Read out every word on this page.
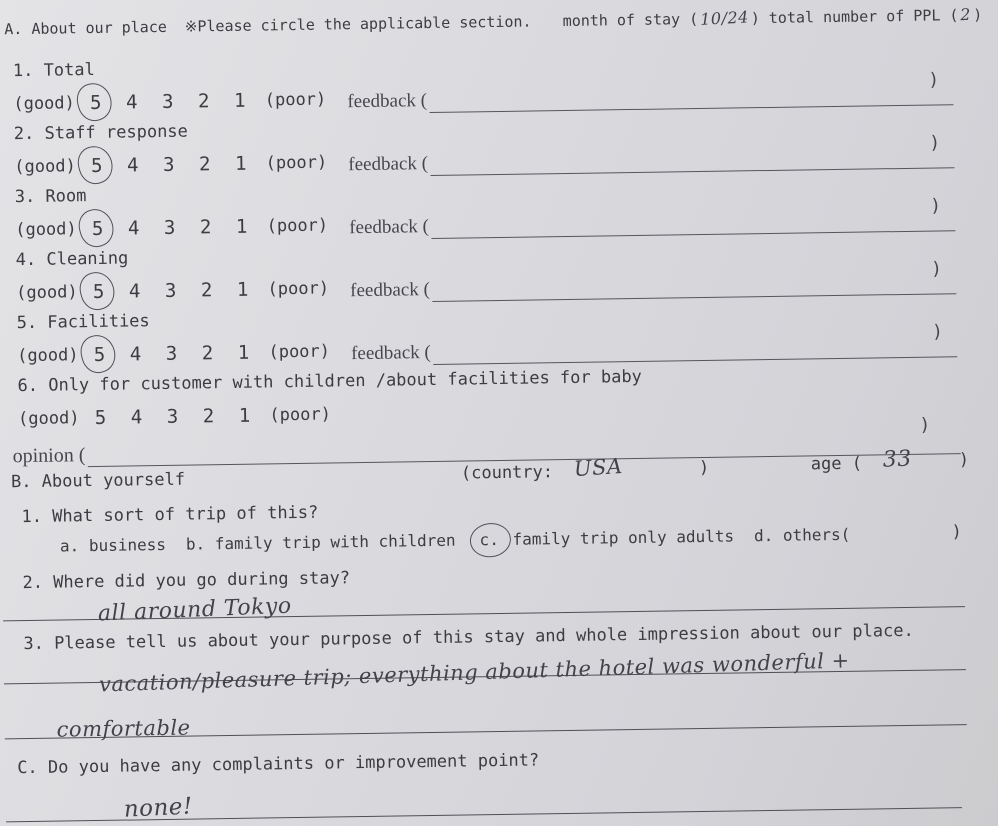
A. About our place ※Please circle the applicable section. month of stay ( 10/24 ) total number of PPL ( 2 )
1. Total
(good) 5	4	3	2	1	(poor) feedback (
)
2. Staff response
(good) 5	4	3	2	1	(poor) feedback (
)
3. Room
(good) 5	4	3	2	1	(poor) feedback (
)
4. Cleaning
(good) 5	4	3	2	1	(poor) feedback (
)
5. Facilities
(good) 5	4	3	2	1	(poor) feedback (
)
6. Only for customer with children /about facilities for baby
(good) 5	4	3	2	1	(poor)
opinion (
)
B. About yourself	(country: USA	)	age ( 33	)
1. What sort of trip of this?
a. business b. family trip with children c. family trip only adults d. others(	)
2. Where did you go during stay?
all around Tokyo
3. Please tell us about your purpose of this stay and whole impression about our place.
vacation/pleasure trip; everything about the hotel was wonderful +
comfortable
C. Do you have any complaints or improvement point?
none!
